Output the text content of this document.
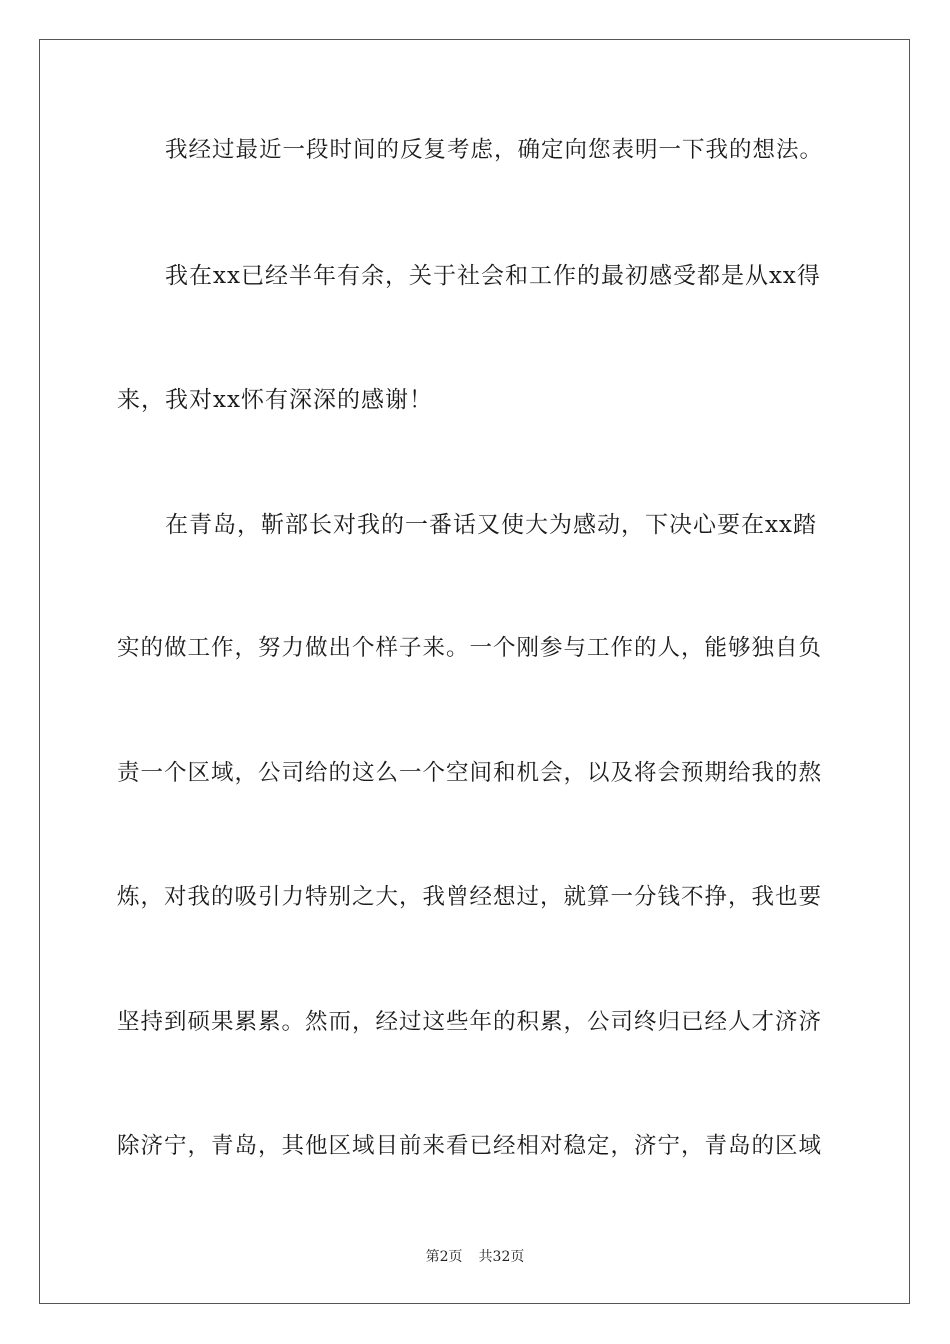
我经过最近一段时间的反复考虑，确定向您表明一下我的想法。

我在xx已经半年有余，关于社会和工作的最初感受都是从xx得

来，我对xx怀有深深的感谢！

在青岛，靳部长对我的一番话又使大为感动，下决心要在xx踏

实的做工作，努力做出个样子来。一个刚参与工作的人，能够独自负

责一个区域，公司给的这么一个空间和机会，以及将会预期给我的熬

炼，对我的吸引力特别之大，我曾经想过，就算一分钱不挣，我也要

坚持到硕果累累。然而，经过这些年的积累，公司终归已经人才济济

除济宁，青岛，其他区域目前来看已经相对稳定，济宁，青岛的区域

第2页 共32页
